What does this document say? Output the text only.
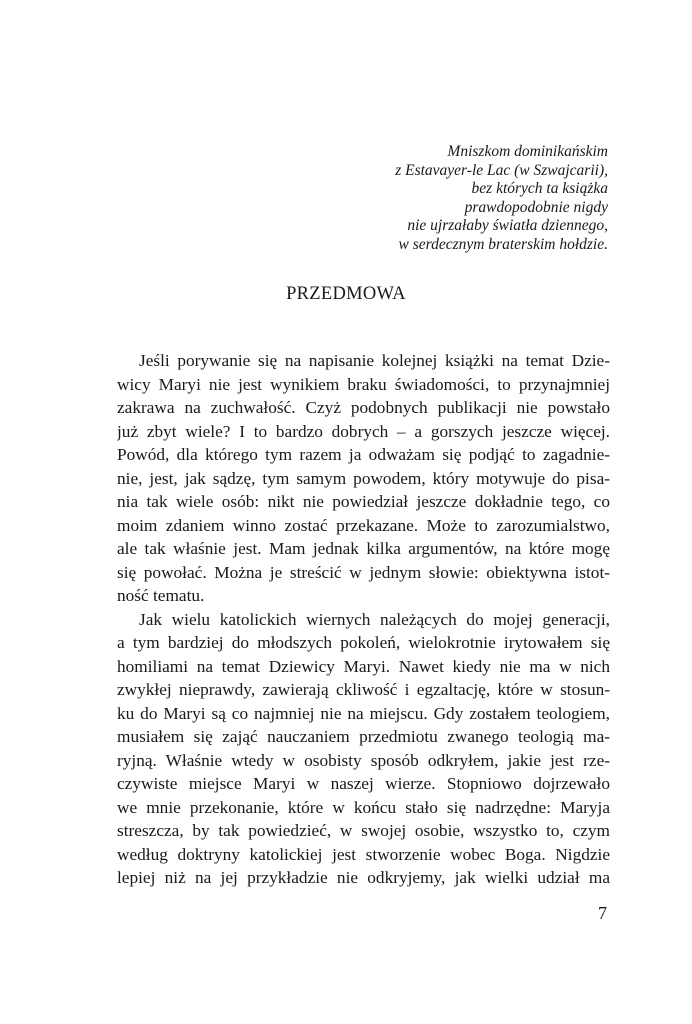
Mniszkom dominikańskim
z Estavayer-le Lac (w Szwajcarii),
bez których ta książka
prawdopodobnie nigdy
nie ujrzałaby światła dziennego,
w serdecznym braterskim hołdzie.
PRZEDMOWA
Jeśli porywanie się na napisanie kolejnej książki na temat Dzie-
wicy Maryi nie jest wynikiem braku świadomości, to przynajmniej
zakrawa na zuchwałość. Czyż podobnych publikacji nie powstało
już zbyt wiele? I to bardzo dobrych – a gorszych jeszcze więcej.
Powód, dla którego tym razem ja odważam się podjąć to zagadnie-
nie, jest, jak sądzę, tym samym powodem, który motywuje do pisa-
nia tak wiele osób: nikt nie powiedział jeszcze dokładnie tego, co
moim zdaniem winno zostać przekazane. Może to zarozumialstwo,
ale tak właśnie jest. Mam jednak kilka argumentów, na które mogę
się powołać. Można je streścić w jednym słowie: obiektywna istot-
ność tematu.
Jak wielu katolickich wiernych należących do mojej generacji,
a tym bardziej do młodszych pokoleń, wielokrotnie irytowałem się
homiliami na temat Dziewicy Maryi. Nawet kiedy nie ma w nich
zwykłej nieprawdy, zawierają ckliwość i egzaltację, które w stosun-
ku do Maryi są co najmniej nie na miejscu. Gdy zostałem teologiem,
musiałem się zająć nauczaniem przedmiotu zwanego teologią ma-
ryjną. Właśnie wtedy w osobisty sposób odkryłem, jakie jest rze-
czywiste miejsce Maryi w naszej wierze. Stopniowo dojrzewało
we mnie przekonanie, które w końcu stało się nadrzędne: Maryja
streszcza, by tak powiedzieć, w swojej osobie, wszystko to, czym
według doktryny katolickiej jest stworzenie wobec Boga. Nigdzie
lepiej niż na jej przykładzie nie odkryjemy, jak wielki udział ma
7
